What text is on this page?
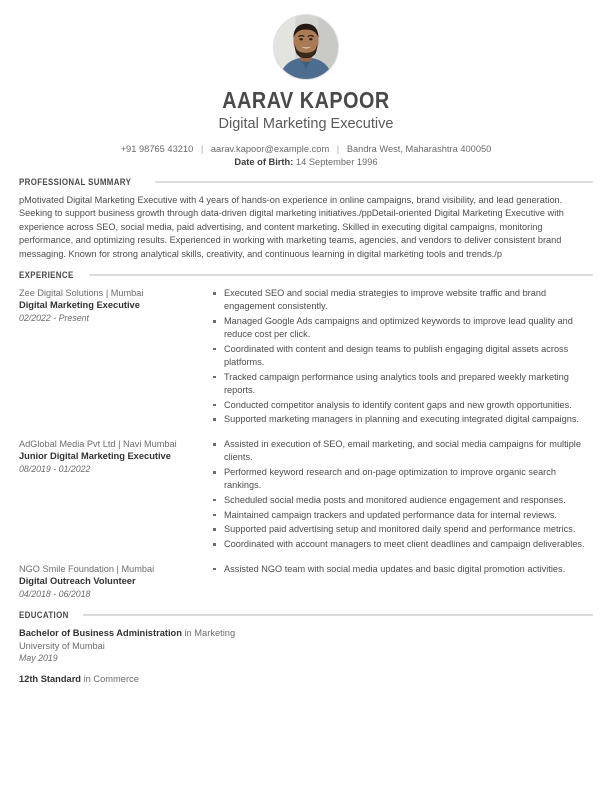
AARAV KAPOOR
Digital Marketing Executive
+91 98765 43210 | aarav.kapoor@example.com | Bandra West, Maharashtra 400050
Date of Birth: 14 September 1996
PROFESSIONAL SUMMARY
pMotivated Digital Marketing Executive with 4 years of hands-on experience in online campaigns, brand visibility, and lead generation. Seeking to support business growth through data-driven digital marketing initiatives./ppDetail-oriented Digital Marketing Executive with experience across SEO, social media, paid advertising, and content marketing. Skilled in executing digital campaigns, monitoring performance, and optimizing results. Experienced in working with marketing teams, agencies, and vendors to deliver consistent brand messaging. Known for strong analytical skills, creativity, and continuous learning in digital marketing tools and trends./p
EXPERIENCE
Zee Digital Solutions | Mumbai
Digital Marketing Executive
02/2022 - Present
Executed SEO and social media strategies to improve website traffic and brand engagement consistently.
Managed Google Ads campaigns and optimized keywords to improve lead quality and reduce cost per click.
Coordinated with content and design teams to publish engaging digital assets across platforms.
Tracked campaign performance using analytics tools and prepared weekly marketing reports.
Conducted competitor analysis to identify content gaps and new growth opportunities.
Supported marketing managers in planning and executing integrated digital campaigns.
AdGlobal Media Pvt Ltd | Navi Mumbai
Junior Digital Marketing Executive
08/2019 - 01/2022
Assisted in execution of SEO, email marketing, and social media campaigns for multiple clients.
Performed keyword research and on-page optimization to improve organic search rankings.
Scheduled social media posts and monitored audience engagement and responses.
Maintained campaign trackers and updated performance data for internal reviews.
Supported paid advertising setup and monitored daily spend and performance metrics.
Coordinated with account managers to meet client deadlines and campaign deliverables.
NGO Smile Foundation | Mumbai
Digital Outreach Volunteer
04/2018 - 06/2018
Assisted NGO team with social media updates and basic digital promotion activities.
EDUCATION
Bachelor of Business Administration in Marketing
University of Mumbai
May 2019
12th Standard in Commerce
